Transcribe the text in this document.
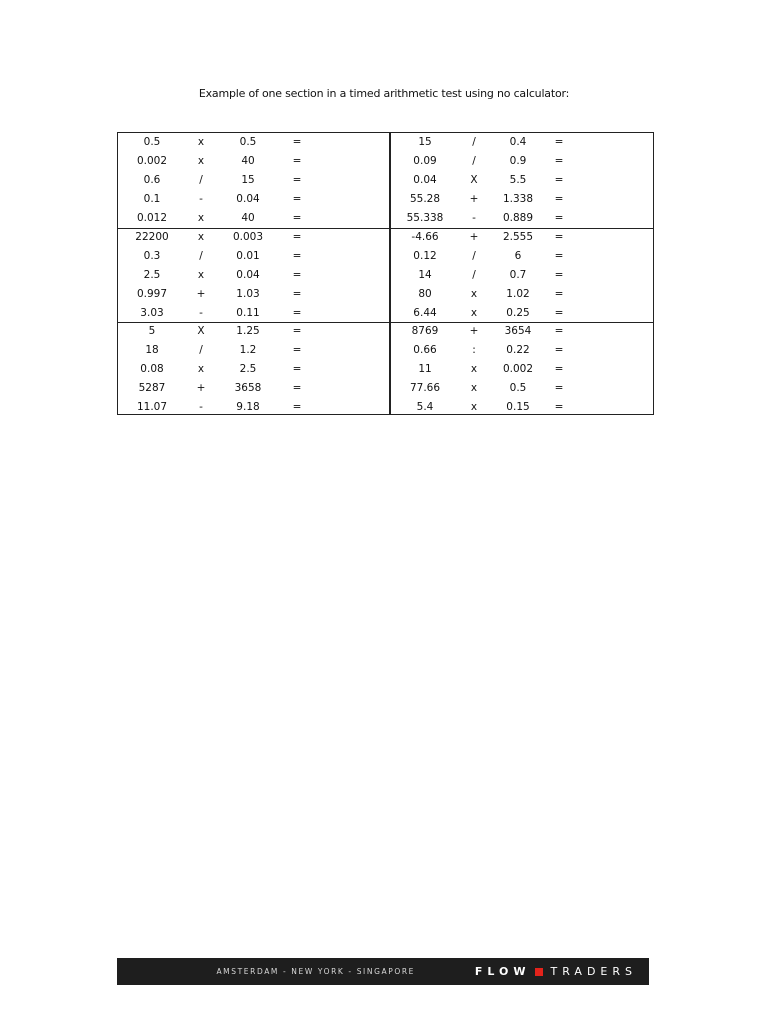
Example of one section in a timed arithmetic test using no calculator:
0.5	x	0.5	=	15	/	0.4	=
0.002	x	40	=	0.09	/	0.9	=
0.6	/	15	=	0.04	X	5.5	=
0.1	-	0.04	=	55.28	+	1.338	=
0.012	x	40	=	55.338	-	0.889	=
22200	x	0.003	=	-4.66	+	2.555	=
0.3	/	0.01	=	0.12	/	6	=
2.5	x	0.04	=	14	/	0.7	=
0.997	+	1.03	=	80	x	1.02	=
3.03	-	0.11	=	6.44	x	0.25	=
5	X	1.25	=	8769	+	3654	=
18	/	1.2	=	0.66	:	0.22	=
0.08	x	2.5	=	11	x	0.002	=
5287	+	3658	=	77.66	x	0.5	=
11.07	-	9.18	=	5.4	x	0.15	=
AMSTERDAM - NEW YORK - SINGAPORE	FLOW TRADERS
